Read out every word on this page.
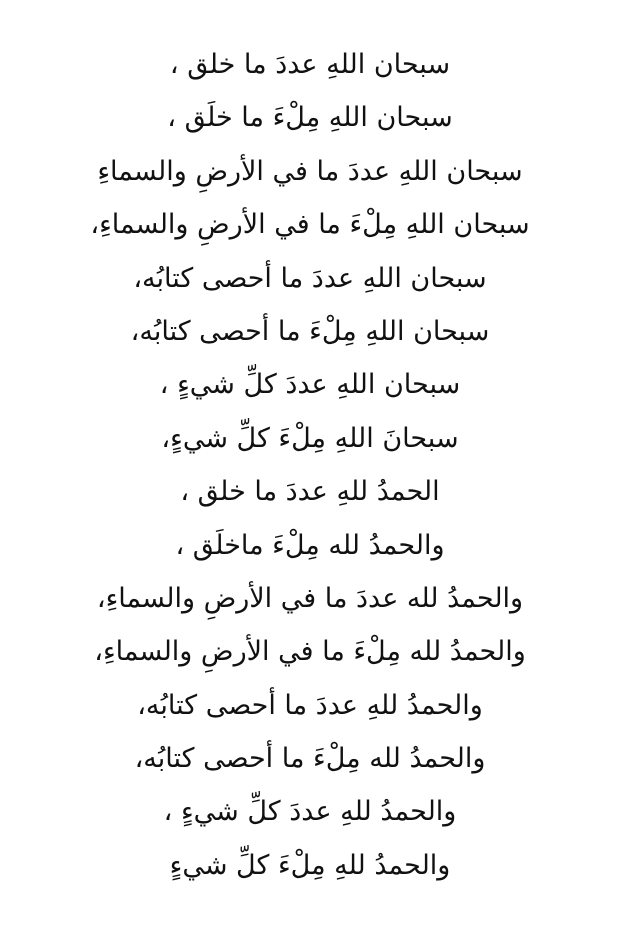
سبحان اللهِ عددَ ما خلق ،
سبحان اللهِ مِلْءَ ما خلَق ،
سبحان اللهِ عددَ ما في الأرضِ والسماءِ
سبحان اللهِ مِلْءَ ما في الأرضِ والسماءِ،
سبحان اللهِ عددَ ما أحصى كتابُه،
سبحان اللهِ مِلْءَ ما أحصى كتابُه،
سبحان اللهِ عددَ كلِّ شيءٍ ،
سبحانَ اللهِ مِلْءَ كلِّ شيءٍ،
الحمدُ للهِ عددَ ما خلق ،
والحمدُ لله مِلْءَ ماخلَق ،
والحمدُ لله عددَ ما في الأرضِ والسماءِ،
والحمدُ لله مِلْءَ ما في الأرضِ والسماءِ،
والحمدُ للهِ عددَ ما أحصى كتابُه،
والحمدُ لله مِلْءَ ما أحصى كتابُه،
والحمدُ للهِ عددَ كلِّ شيءٍ ،
والحمدُ للهِ مِلْءَ كلِّ شيءٍ
